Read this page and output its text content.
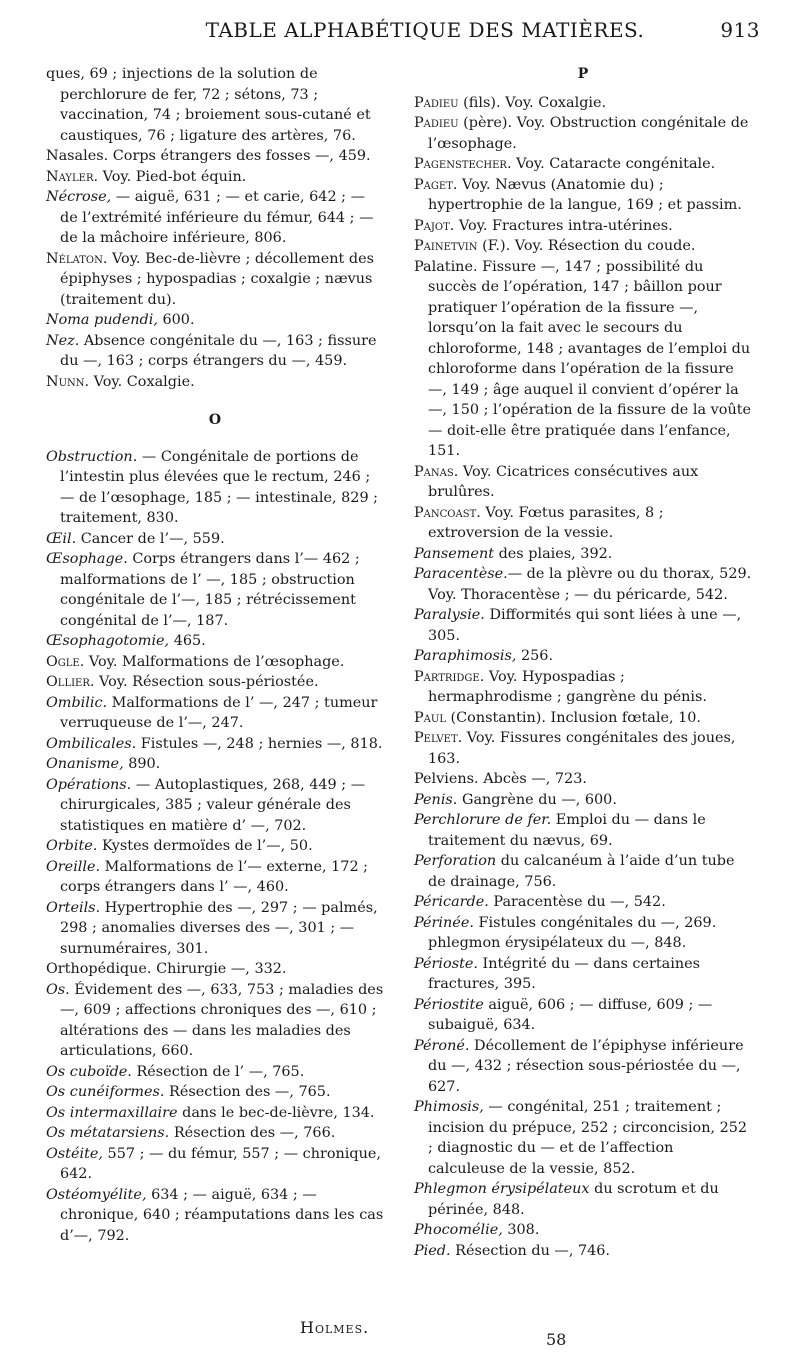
TABLE ALPHABÉTIQUE DES MATIÈRES.	913

ques, 69 ; injections de la solution de perchlorure de fer, 72 ; sétons, 73 ; vaccination, 74 ; broiement sous-cutané et caustiques, 76 ; ligature des artères, 76.

Nasales. Corps étrangers des fosses —, 459.

Nayler. Voy. Pied-bot équin.

Nécrose, — aiguë, 631 ; — et carie, 642 ; — de l’extrémité inférieure du fémur, 644 ; — de la mâchoire inférieure, 806.

Nélaton. Voy. Bec-de-lièvre ; décollement des épiphyses ; hypospadias ; coxalgie ; nævus (traitement du).

Noma pudendi, 600.

Nez. Absence congénitale du —, 163 ; fissure du —, 163 ; corps étrangers du —, 459.

Nunn. Voy. Coxalgie.

O

Obstruction. — Congénitale de portions de l’intestin plus élevées que le rectum, 246 ; — de l’œsophage, 185 ; — intestinale, 829 ; traitement, 830.

Œil. Cancer de l’—, 559.

Œsophage. Corps étrangers dans l’— 462 ; malformations de l’ —, 185 ; obstruction congénitale de l’—, 185 ; rétrécissement congénital de l’—, 187.

Œsophagotomie, 465.

Ogle. Voy. Malformations de l’œsophage.

Ollier. Voy. Résection sous-périostée.

Ombilic. Malformations de l’ —, 247 ; tumeur verruqueuse de l’—, 247.

Ombilicales. Fistules —, 248 ; hernies —, 818.

Onanisme, 890.

Opérations. — Autoplastiques, 268, 449 ; — chirurgicales, 385 ; valeur générale des statistiques en matière d’ —, 702.

Orbite. Kystes dermoïdes de l’—, 50.

Oreille. Malformations de l’— externe, 172 ; corps étrangers dans l’ —, 460.

Orteils. Hypertrophie des —, 297 ; — palmés, 298 ; anomalies diverses des —, 301 ; — surnuméraires, 301.

Orthopédique. Chirurgie —, 332.

Os. Évidement des —, 633, 753 ; maladies des —, 609 ; affections chroniques des —, 610 ; altérations des — dans les maladies des articulations, 660.

Os cuboïde. Résection de l’ —, 765.

Os cunéiformes. Résection des —, 765.

Os intermaxillaire dans le bec-de-lièvre, 134.

Os métatarsiens. Résection des —, 766.

Ostéite, 557 ; — du fémur, 557 ; — chronique, 642.

Ostéomyélite, 634 ; — aiguë, 634 ; — chronique, 640 ; réamputations dans les cas d’—, 792.

P

Padieu (fils). Voy. Coxalgie.

Padieu (père). Voy. Obstruction congénitale de l’œsophage.

Pagenstecher. Voy. Cataracte congénitale.

Paget. Voy. Nævus (Anatomie du) ; hypertrophie de la langue, 169 ; et passim.

Pajot. Voy. Fractures intra-utérines.

Painetvin (F.). Voy. Résection du coude.

Palatine. Fissure —, 147 ; possibilité du succès de l’opération, 147 ; bâillon pour pratiquer l’opération de la fissure —, lorsqu’on la fait avec le secours du chloroforme, 148 ; avantages de l’emploi du chloroforme dans l’opération de la fissure —, 149 ; âge auquel il convient d’opérer la —, 150 ; l’opération de la fissure de la voûte — doit-elle être pratiquée dans l’enfance, 151.

Panas. Voy. Cicatrices consécutives aux brulûres.

Pancoast. Voy. Fœtus parasites, 8 ; extroversion de la vessie.

Pansement des plaies, 392.

Paracentèse.— de la plèvre ou du thorax, 529. Voy. Thoracentèse ; — du péricarde, 542.

Paralysie. Difformités qui sont liées à une —, 305.

Paraphimosis, 256.

Partridge. Voy. Hypospadias ; hermaphrodisme ; gangrène du pénis.

Paul (Constantin). Inclusion fœtale, 10.

Pelvet. Voy. Fissures congénitales des joues, 163.

Pelviens. Abcès —, 723.

Penis. Gangrène du —, 600.

Perchlorure de fer. Emploi du — dans le traitement du nævus, 69.

Perforation du calcanéum à l’aide d’un tube de drainage, 756.

Péricarde. Paracentèse du —, 542.

Périnée. Fistules congénitales du —, 269. phlegmon érysipélateux du —, 848.

Périoste. Intégrité du — dans certaines fractures, 395.

Périostite aiguë, 606 ; — diffuse, 609 ; — subaiguë, 634.

Péroné. Décollement de l’épiphyse inférieure du —, 432 ; résection sous-périostée du —, 627.

Phimosis, — congénital, 251 ; traitement ; incision du prépuce, 252 ; circoncision, 252 ; diagnostic du — et de l’affection calculeuse de la vessie, 852.

Phlegmon érysipélateux du scrotum et du périnée, 848.

Phocomélie, 308.

Pied. Résection du —, 746.

Holmes.
58
